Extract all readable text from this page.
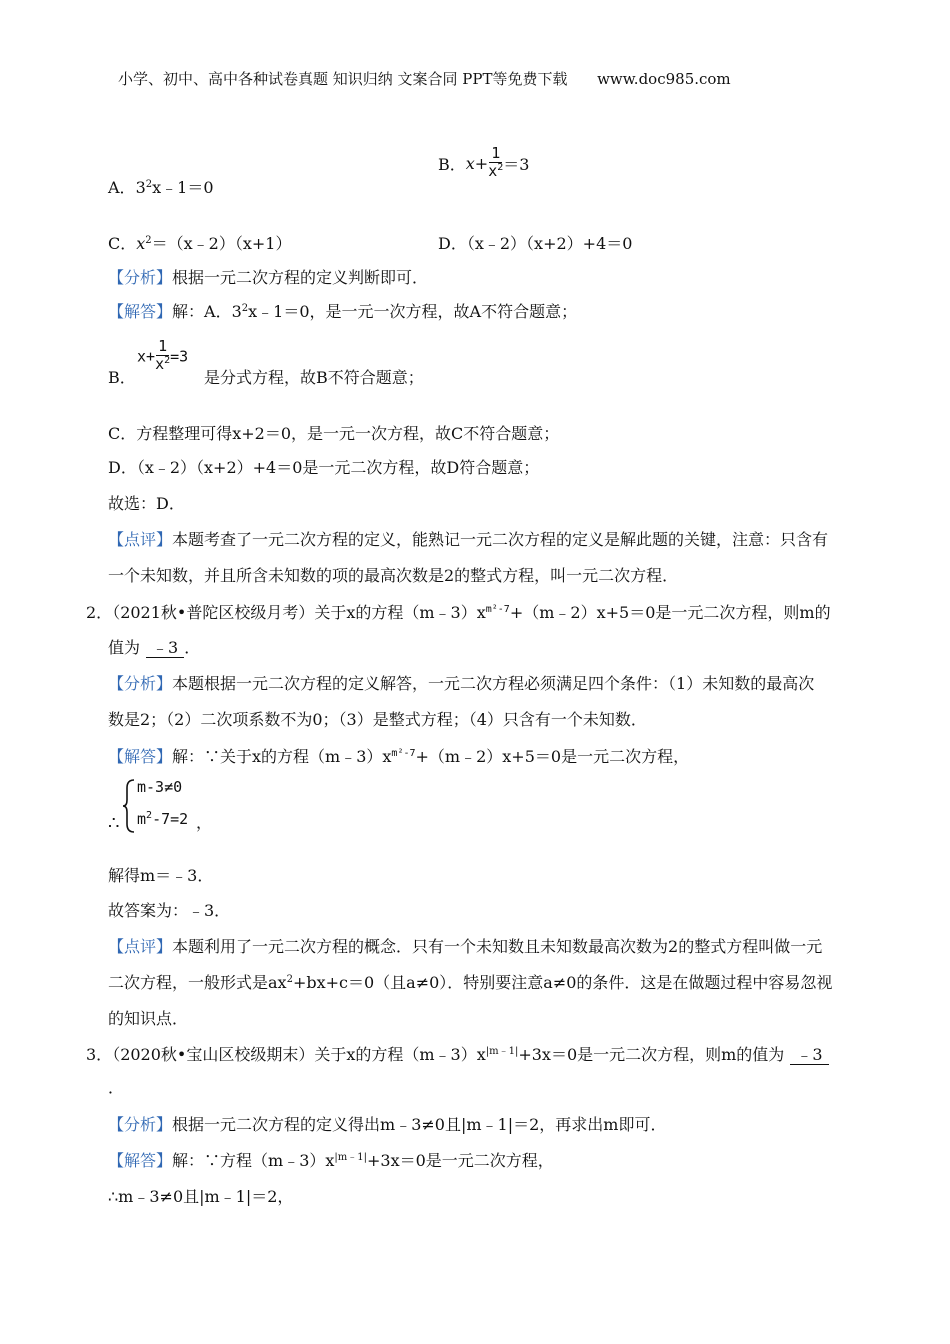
小学、初中、高中各种试卷真题 知识归纳 文案合同 PPT等免费下载 www.doc985.com
A．$3^2x﹣1=0$
B．$x+ \frac{1}{x^2} =3$
C．$x^2=(x﹣2)(x+1)$	D．（x﹣2）（x+2）+4＝0
【分析】根据一元二次方程的定义判断即可．
【解答】解：A．$3^2x﹣1=0$，是一元一次方程，故A不符合题意；
B．
$x+ \frac{1}{x^2} =3$
是分式方程，故B不符合题意；
C．方程整理可得x+2＝0，是一元一次方程，故C不符合题意；
D．（x﹣2）（x+2）+4＝0是一元二次方程，故D符合题意；
故选：D．
【点评】本题考查了一元二次方程的定义，能熟记一元二次方程的定义是解此题的关键，注意：只含有
一个未知数，并且所含未知数的项的最高次数是2的整式方程，叫一元二次方程．
2．（2021秋•普陀区校级月考）关于x的方程$(m﹣3)x^{m^2-7}+(m﹣2)x+5=0$是一元二次方程，则m的
值为 ﹣3 ．
【分析】本题根据一元二次方程的定义解答，一元二次方程必须满足四个条件：（1）未知数的最高次
数是2；（2）二次项系数不为0；（3）是整式方程；（4）只含有一个未知数．
【解答】解：∵关于x的方程$(m﹣3)x^{m^2-7}+(m﹣2)x+5=0$是一元二次方程，
∴
m-3≠0
$m^2-7=2$ ，
解得m＝﹣3．
故答案为：﹣3．
【点评】本题利用了一元二次方程的概念．只有一个未知数且未知数最高次数为2的整式方程叫做一元
二次方程，一般形式是$ax^2+bx+c=0$（且a≠0）．特别要注意a≠0的条件．这是在做题过程中容易忽视
的知识点．
3．（2020秋•宝山区校级期末）关于x的方程$(m﹣3)x^{|m﹣1|}+3x=0$是一元二次方程，则m的值为 ﹣3
．
【分析】根据一元二次方程的定义得出m﹣3≠0且|m﹣1|＝2，再求出m即可．
【解答】解：∵方程$(m﹣3)x^{|m﹣1|}+3x=0$是一元二次方程，
∴m﹣3≠0且|m﹣1|＝2，
